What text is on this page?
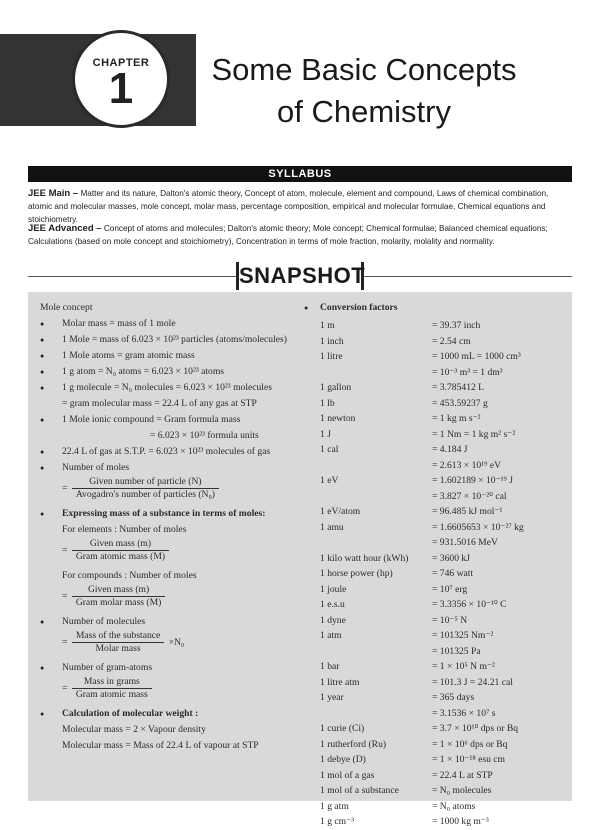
CHAPTER
1	Some Basic Concepts
of Chemistry
SYLLABUS
JEE Main – Matter and its nature, Dalton's atomic theory, Concept of atom, molecule, element and compound, Laws of chemical combination, atomic and molecular masses, mole concept, molar mass, percentage composition, empirical and molecular formulae, Chemical equations and stoichiometry.
JEE Advanced – Concept of atoms and molecules; Dalton's atomic theory; Mole concept; Chemical formulae; Balanced chemical equations; Calculations (based on mole concept and stoichiometry), Concentration in terms of mole fraction, molarity, molality and normality.
SNAPSHOT
Mole concept
● Molar mass = mass of 1 mole
● 1 Mole = mass of 6.023 × 10²³ particles (atoms/molecules)
● 1 Mole atoms = gram atomic mass
● 1 g atom = N₀ atoms = 6.023 × 10²³ atoms
● 1 g molecule = N₀ molecules = 6.023 × 10²³ molecules
= gram molecular mass = 22.4 L of any gas at STP
● 1 Mole ionic compound = Gram formula mass
= 6.023 × 10²³ formula units
● 22.4 L of gas at S.T.P. = 6.023 × 10²³ molecules of gas
● Number of moles
= $\frac{\text{Given number of particle (N)}}{\text{Avogadro's number of particles (N₀)}}$
● Expressing mass of a substance in terms of moles:
For elements : Number of moles
= $\frac{\text{Given mass (m)}}{\text{Gram atomic mass (M)}}$
For compounds : Number of moles
= $\frac{\text{Given mass (m)}}{\text{Gram molar mass (M)}}$
● Number of molecules
= $\frac{\text{Mass of the substance}}{\text{Molar mass}} \times N_0$
● Number of gram-atoms
= $\frac{\text{Mass in grams}}{\text{Gram atomic mass}}$
● Calculation of molecular weight :
Molecular mass = 2 × Vapour density
Molecular mass = Mass of 22.4 L of vapour at STP
● Conversion factors
1 m	= 39.37 inch
1 inch	= 2.54 cm
1 litre	= 1000 mL = 1000 cm³
= 10⁻³ m³ = 1 dm³
1 gallon	= 3.785412 L
1 lb	= 453.59237 g
1 newton	= 1 kg m s⁻²
1 J	= 1 Nm = 1 kg m² s⁻²
1 cal	= 4.184 J
= 2.613 × 10¹⁹ eV
1 eV	= 1.602189 × 10⁻¹⁹ J
= 3.827 × 10⁻²⁰ cal
1 eV/atom	= 96.485 kJ mol⁻¹
1 amu	= 1.6605653 × 10⁻²⁷ kg
= 931.5016 MeV
1 kilo watt hour (kWh) = 3600 kJ
1 horse power (hp)	= 746 watt
1 joule	= 10⁷ erg
1 e.s.u	= 3.3356 × 10⁻¹⁰ C
1 dyne	= 10⁻⁵ N
1 atm	= 101325 Nm⁻²
= 101325 Pa
1 bar	= 1 × 10⁵ N m⁻²
1 litre atm	= 101.3 J = 24.21 cal
1 year	= 365 days
= 3.1536 × 10⁷ s
1 curie (Ci)	= 3.7 × 10¹⁰ dps or Bq
1 rutherford (Ru)	= 1 × 10⁶ dps or Bq
1 debye (D)	= 1 × 10⁻¹⁸ esu cm
1 mol of a gas	= 22.4 L at STP
1 mol of a substance	= N₀ molecules
1 g atm	= N₀ atoms
1 g cm⁻³	= 1000 kg m⁻³
